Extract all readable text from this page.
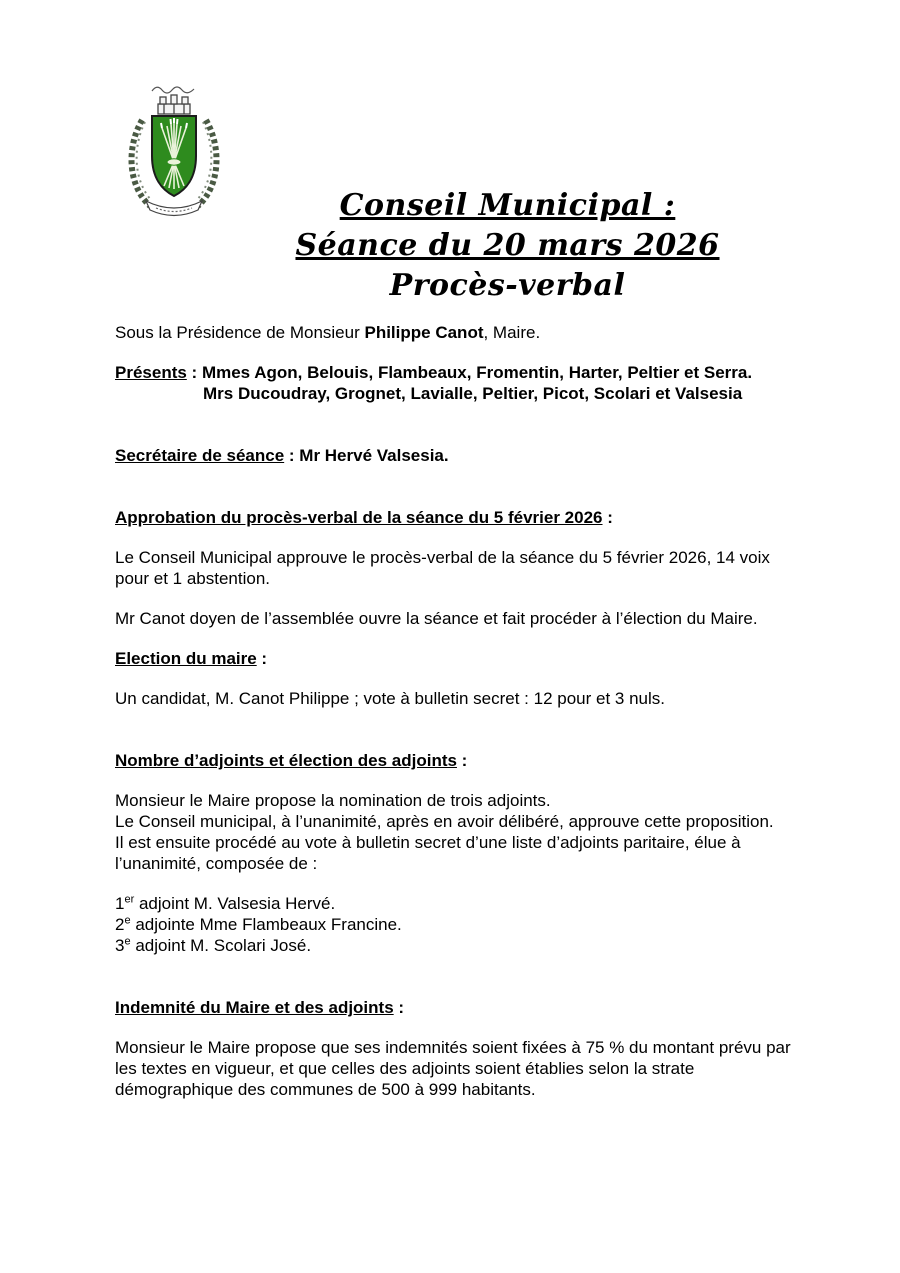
Conseil Municipal :
Séance du 20 mars 2026
Procès-verbal
Sous la Présidence de Monsieur Philippe Canot, Maire.
Présents : Mmes Agon, Belouis, Flambeaux, Fromentin, Harter, Peltier et Serra.
Mrs Ducoudray, Grognet, Lavialle, Peltier, Picot, Scolari et Valsesia
Secrétaire de séance : Mr Hervé Valsesia.
Approbation du procès-verbal de la séance du 5 février 2026 :
Le Conseil Municipal approuve le procès-verbal de la séance du 5 février 2026, 14 voix pour et 1 abstention.
Mr Canot doyen de l’assemblée ouvre la séance et fait procéder à l’élection du Maire.
Election du maire :
Un candidat, M. Canot Philippe ; vote à bulletin secret : 12 pour et 3 nuls.
Nombre d’adjoints et élection des adjoints :
Monsieur le Maire propose la nomination de trois adjoints.
Le Conseil municipal, à l’unanimité, après en avoir délibéré, approuve cette proposition.
Il est ensuite procédé au vote à bulletin secret d’une liste d’adjoints paritaire, élue à l’unanimité, composée de :
1er adjoint M. Valsesia Hervé.
2e adjointe Mme Flambeaux Francine.
3e adjoint M. Scolari José.
Indemnité du Maire et des adjoints :
Monsieur le Maire propose que ses indemnités soient fixées à 75 % du montant prévu par les textes en vigueur, et que celles des adjoints soient établies selon la strate démographique des communes de 500 à 999 habitants.
